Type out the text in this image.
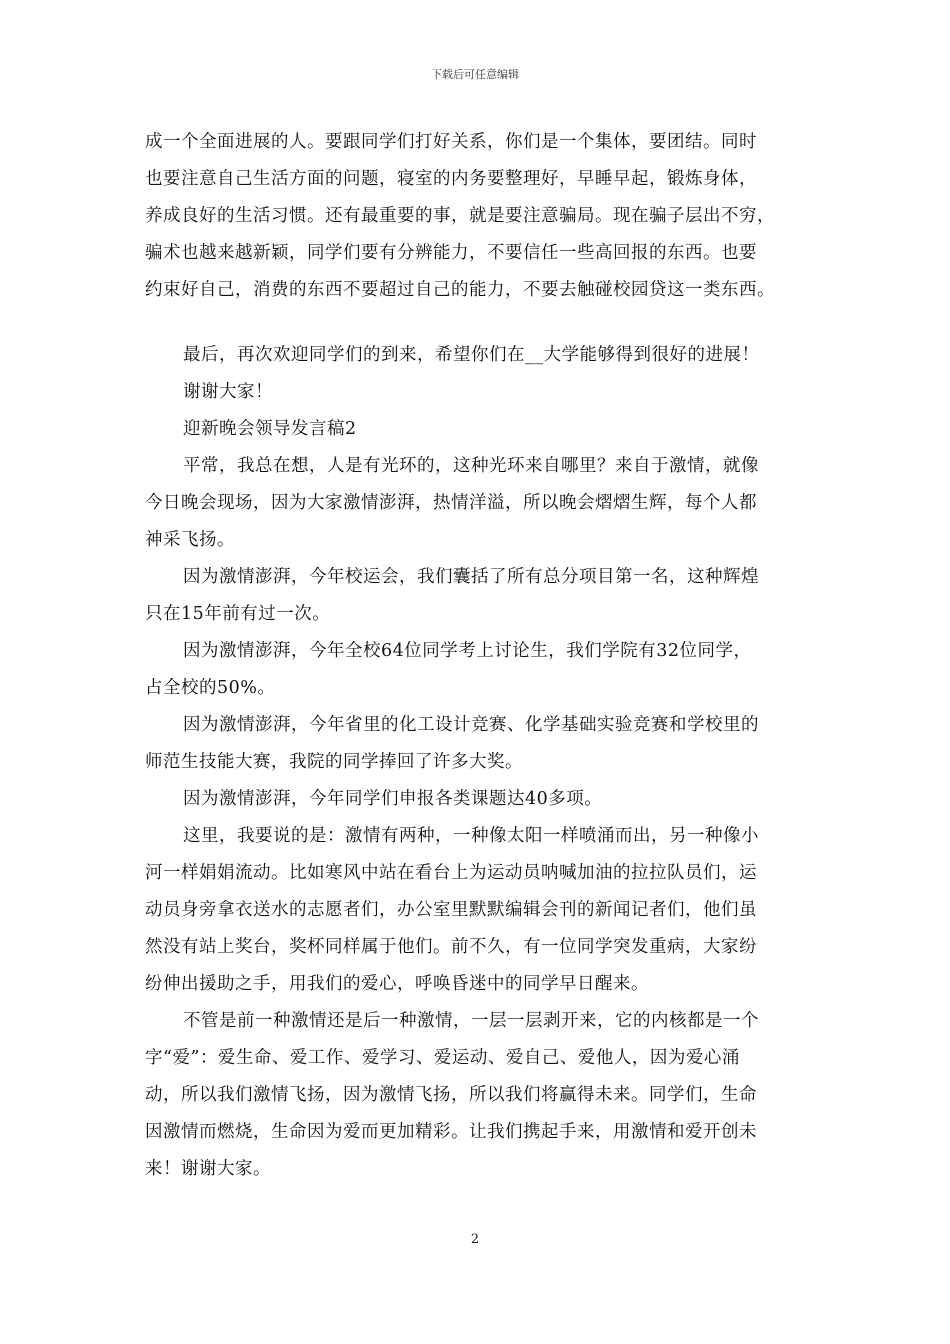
下载后可任意编辑
成一个全面进展的人。要跟同学们打好关系，你们是一个集体，要团结。同时
也要注意自己生活方面的问题，寝室的内务要整理好，早睡早起，锻炼身体，
养成良好的生活习惯。还有最重要的事，就是要注意骗局。现在骗子层出不穷，
骗术也越来越新颖，同学们要有分辨能力，不要信任一些高回报的东西。也要
约束好自己，消费的东西不要超过自己的能力，不要去触碰校园贷这一类东西。
最后，再次欢迎同学们的到来，希望你们在__大学能够得到很好的进展！
谢谢大家！
迎新晚会领导发言稿2
平常，我总在想，人是有光环的，这种光环来自哪里？来自于激情，就像
今日晚会现场，因为大家激情澎湃，热情洋溢，所以晚会熠熠生辉，每个人都
神采飞扬。
因为激情澎湃，今年校运会，我们囊括了所有总分项目第一名，这种辉煌
只在15年前有过一次。
因为激情澎湃，今年全校64位同学考上讨论生，我们学院有32位同学，
占全校的50%。
因为激情澎湃，今年省里的化工设计竞赛、化学基础实验竞赛和学校里的
师范生技能大赛，我院的同学捧回了许多大奖。
因为激情澎湃，今年同学们申报各类课题达40多项。
这里，我要说的是：激情有两种，一种像太阳一样喷涌而出，另一种像小
河一样娟娟流动。比如寒风中站在看台上为运动员呐喊加油的拉拉队员们，运
动员身旁拿衣送水的志愿者们，办公室里默默编辑会刊的新闻记者们，他们虽
然没有站上奖台，奖杯同样属于他们。前不久，有一位同学突发重病，大家纷
纷伸出援助之手，用我们的爱心，呼唤昏迷中的同学早日醒来。
不管是前一种激情还是后一种激情，一层一层剥开来，它的内核都是一个
字“爱”：爱生命、爱工作、爱学习、爱运动、爱自己、爱他人，因为爱心涌
动，所以我们激情飞扬，因为激情飞扬，所以我们将赢得未来。同学们，生命
因激情而燃烧，生命因为爱而更加精彩。让我们携起手来，用激情和爱开创未
来！谢谢大家。
2
